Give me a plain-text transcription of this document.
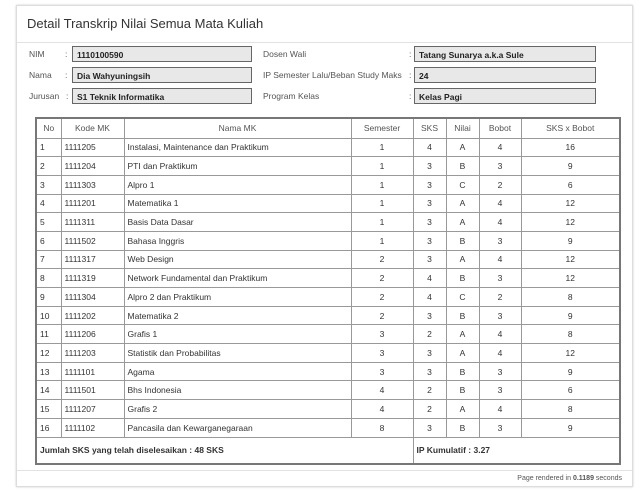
Detail Transkrip Nilai Semua Mata Kuliah
NIM :	1110100590
Nama :	Dia Wahyuningsih
Jurusan :	S1 Teknik Informatika
Dosen Wali	: Tatang Sunarya a.k.a Sule
IP Semester Lalu/Beban Study Maks : 24
Program Kelas	: Kelas Pagi
No	Kode MK	Nama MK	Semester	SKS	Nilai	Bobot	SKS x Bobot
1	1111205	Instalasi, Maintenance dan Praktikum	1	4	A	4	16
2	1111204	PTI dan Praktikum	1	3	B	3	9
3	1111303	Alpro 1	1	3	C	2	6
4	1111201	Matematika 1	1	3	A	4	12
5	1111311	Basis Data Dasar	1	3	A	4	12
6	1111502	Bahasa Inggris	1	3	B	3	9
7	1111317	Web Design	2	3	A	4	12
8	1111319	Network Fundamental dan Praktikum	2	4	B	3	12
9	1111304	Alpro 2 dan Praktikum	2	4	C	2	8
10	1111202	Matematika 2	2	3	B	3	9
11	1111206	Grafis 1	3	2	A	4	8
12	1111203	Statistik dan Probabilitas	3	3	A	4	12
13	1111101	Agama	3	3	B	3	9
14	1111501	Bhs Indonesia	4	2	B	3	6
15	1111207	Grafis 2	4	2	A	4	8
16	1111102	Pancasila dan Kewarganegaraan	8	3	B	3	9
Jumlah SKS yang telah diselesaikan : 48 SKS				IP Kumulatif : 3.27			
Page rendered in 0.1189 seconds
